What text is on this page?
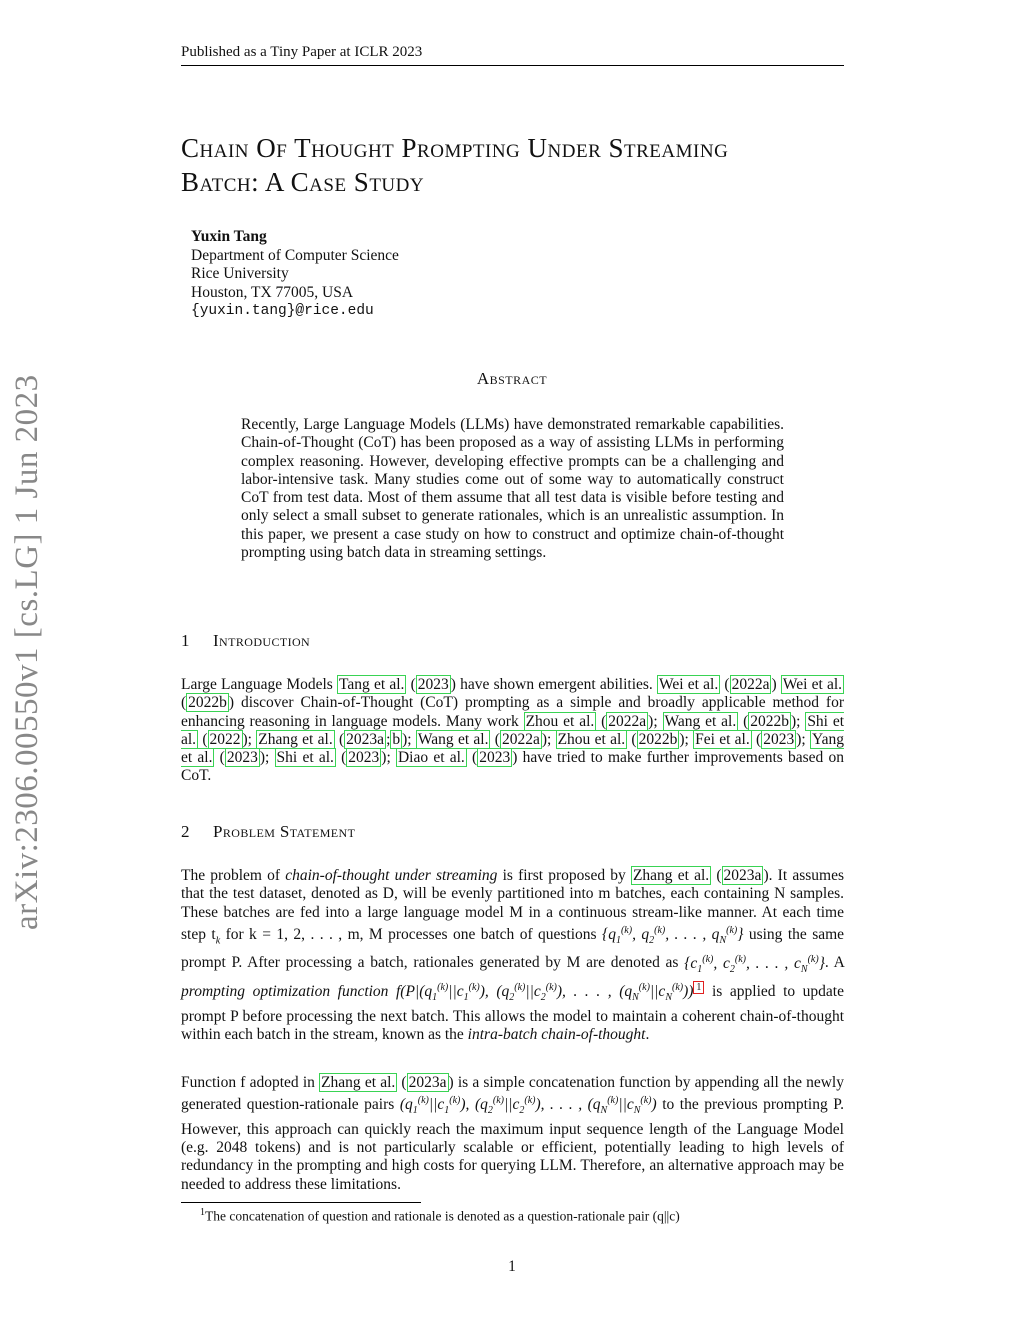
Published as a Tiny Paper at ICLR 2023
Chain Of Thought Prompting Under Streaming
Batch: A Case Study
Yuxin Tang
Department of Computer Science
Rice University
Houston, TX 77005, USA
{yuxin.tang}@rice.edu
Abstract
Recently, Large Language Models (LLMs) have demonstrated remarkable capabilities. Chain-of-Thought (CoT) has been proposed as a way of assisting LLMs in performing complex reasoning. However, developing effective prompts can be a challenging and labor-intensive task. Many studies come out of some way to automatically construct CoT from test data. Most of them assume that all test data is visible before testing and only select a small subset to generate rationales, which is an unrealistic assumption. In this paper, we present a case study on how to construct and optimize chain-of-thought prompting using batch data in streaming settings.
1 Introduction
Large Language Models Tang et al. ( 2023 ) have shown emergent abilities. Wei et al. ( 2022a ) Wei et al. ( 2022b ) discover Chain-of-Thought (CoT) prompting as a simple and broadly applicable method for enhancing reasoning in language models. Many work Zhou et al. ( 2022a ); Wang et al. ( 2022b ); Shi et al. ( 2022 ); Zhang et al. ( 2023a ; b ); Wang et al. ( 2022a ); Zhou et al. ( 2022b ); Fei et al. ( 2023 ); Yang et al. ( 2023 ); Shi et al. ( 2023 ); Diao et al. ( 2023 ) have tried to make further improvements based on CoT.
2 Problem Statement
The problem of chain-of-thought under streaming is first proposed by Zhang et al. ( 2023a ). It assumes that the test dataset, denoted as D, will be evenly partitioned into m batches, each containing N samples. These batches are fed into a large language model M in a continuous stream-like manner. At each time step $t_k$ for k = 1, 2, . . . , m, M processes one batch of questions {$q_1^{(k)}$, $q_2^{(k)}$, . . . , $q_N^{(k)}$} using the same prompt P. After processing a batch, rationales generated by M are denoted as {$c_1^{(k)}$, $c_2^{(k)}$, . . . , $c_N^{(k)}$}. A prompting optimization function $f(P|(q_1^{(k)}||c_1^{(k)})$, $(q_2^{(k)}||c_2^{(k)})$, . . . , $(q_N^{(k)}||c_N^{(k)})$) $^1$ is applied to update prompt P before processing the next batch. This allows the model to maintain a coherent chain-of-thought within each batch in the stream, known as the intra-batch chain-of-thought.
Function f adopted in Zhang et al. ( 2023a ) is a simple concatenation function by appending all the newly generated question-rationale pairs $(q_1^{(k)}||c_1^{(k)})$, $(q_2^{(k)}||c_2^{(k)})$, . . . , $(q_N^{(k)}||c_N^{(k)})$ to the previous prompting P. However, this approach can quickly reach the maximum input sequence length of the Language Model (e.g. 2048 tokens) and is not particularly scalable or efficient, potentially leading to high levels of redundancy in the prompting and high costs for querying LLM. Therefore, an alternative approach may be needed to address these limitations.
arXiv:2306.00550v1 [cs.LG] 1 Jun 2023
$^1$The concatenation of question and rationale is denoted as a question-rationale pair (q||c)
1
